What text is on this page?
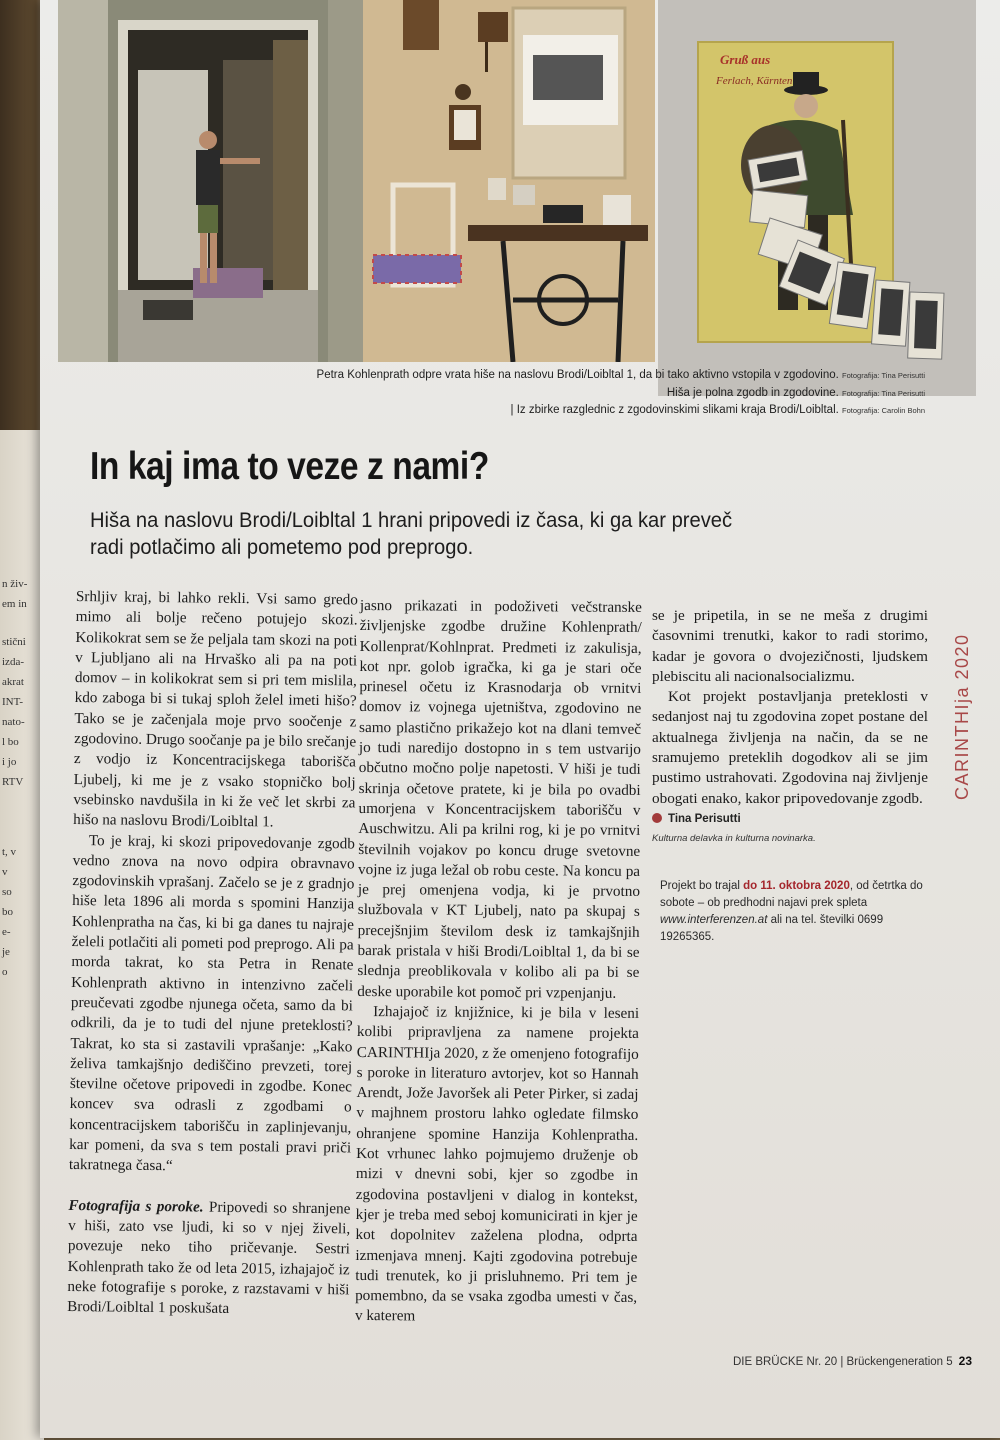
n živ-
em in
stični
izda-
akrat
INT-
nato-
l bo
i jo
RTV
t, v
v
so
bo
e-
je
o
Gruß aus
Ferlach, Kärnten
Petra Kohlenprath odpre vrata hiše na naslovu Brodi/Loibltal 1, da bi tako aktivno vstopila v zgodovino. Fotografija: Tina Perisutti
Hiša je polna zgodb in zgodovine. Fotografija: Tina Perisutti
| Iz zbirke razglednic z zgodovinskimi slikami kraja Brodi/Loibltal. Fotografija: Carolin Bohn
In kaj ima to veze z nami?

Hiša na naslovu Brodi/Loibltal 1 hrani pripovedi iz časa, ki ga kar preveč radi potlačimo ali pometemo pod preprogo.

Srhljiv kraj, bi lahko rekli. Vsi samo gredo mimo ali bolje rečeno potujejo skozi. Kolikokrat sem se že peljala tam skozi na poti v Ljubljano ali na Hrvaško ali pa na poti domov – in kolikokrat sem si pri tem mislila, kdo zaboga bi si tukaj sploh želel imeti hišo? Tako se je začenjala moje prvo soočenje z zgodovino. Drugo soočanje pa je bilo srečanje z vodjo iz Koncentracijskega taborišča Ljubelj, ki me je z vsako stopničko bolj vsebinsko navdušila in ki že več let skrbi za hišo na naslovu Brodi/Loibltal 1.

To je kraj, ki skozi pripovedovanje zgodb vedno znova na novo odpira obravnavo zgodovinskih vprašanj. Začelo se je z gradnjo hiše leta 1896 ali morda s spomini Hanzija Kohlenpratha na čas, ki bi ga danes tu najraje želeli potlačiti ali pometi pod preprogo. Ali pa morda takrat, ko sta Petra in Renate Kohlenprath aktivno in intenzivno začeli preučevati zgodbe njunega očeta, samo da bi odkrili, da je to tudi del njune preteklosti? Takrat, ko sta si zastavili vprašanje: „Kako želiva tamkajšnjo dediščino prevzeti, torej številne očetove pripovedi in zgodbe. Konec koncev sva odrasli z zgodbami o koncentracijskem taborišču in zaplinjevanju, kar pomeni, da sva s tem postali pravi priči takratnega časa.“

Fotografija s poroke. Pripovedi so shranjene v hiši, zato vse ljudi, ki so v njej živeli, povezuje neko tiho pričevanje. Sestri Kohlenprath tako že od leta 2015, izhajajoč iz neke fotografije s poroke, z razstavami v hiši Brodi/Loibltal 1 poskušata

jasno prikazati in podoživeti večstranske življenjske zgodbe družine Kohlenprath/ Kollenprat/Kohlnprat. Predmeti iz zakulisja, kot npr. golob igračka, ki ga je stari oče prinesel očetu iz Krasnodarja ob vrnitvi domov iz vojnega ujetništva, zgodovino ne samo plastično prikažejo kot na dlani temveč jo tudi naredijo dostopno in s tem ustvarijo občutno močno polje napetosti. V hiši je tudi skrinja očetove pratete, ki je bila po ovadbi umorjena v Koncentracijskem taborišču v Auschwitzu. Ali pa krilni rog, ki je po vrnitvi številnih vojakov po koncu druge svetovne vojne iz juga ležal ob robu ceste. Na koncu pa je prej omenjena vodja, ki je prvotno službovala v KT Ljubelj, nato pa skupaj s precejšnjim številom desk iz tamkajšnjih barak pristala v hiši Brodi/Loibltal 1, da bi se slednja preoblikovala v kolibo ali pa bi se deske uporabile kot pomoč pri vzpenjanju.

Izhajajoč iz knjižnice, ki je bila v leseni kolibi pripravljena za namene projekta CARINTHIja 2020, z že omenjeno fotografijo s poroke in literaturo avtorjev, kot so Hannah Arendt, Jože Javoršek ali Peter Pirker, si zadaj v majhnem prostoru lahko ogledate filmsko ohranjene spomine Hanzija Kohlenpratha. Kot vrhunec lahko pojmujemo druženje ob mizi v dnevni sobi, kjer so zgodbe in zgodovina postavljeni v dialog in kontekst, kjer je treba med seboj komunicirati in kjer je kot dopolnitev zaželena plodna, odprta izmenjava mnenj. Kajti zgodovina potrebuje tudi trenutek, ko ji prisluhnemo. Pri tem je pomembno, da se vsaka zgodba umesti v čas, v katerem

se je pripetila, in se ne meša z drugimi časovnimi trenutki, kakor to radi storimo, kadar je govora o dvojezičnosti, ljudskem plebiscitu ali nacionalsocializmu.

Kot projekt postavljanja preteklosti v sedanjost naj tu zgodovina zopet postane del aktualnega življenja na način, da se ne sramujemo preteklih dogodkov ali se jim pustimo ustrahovati. Zgodovina naj življenje obogati enako, kakor pripovedovanje zgodb.

Tina Perisutti

Kulturna delavka in kulturna novinarka.

Projekt bo trajal do 11. oktobra 2020, od četrtka do sobote – ob predhodni najavi prek spleta www.interferenzen.at ali na tel. številki 0699 19265365.
CARINTHIja 2020
DIE BRÜCKE Nr. 20 | Brückengeneration 5 23
